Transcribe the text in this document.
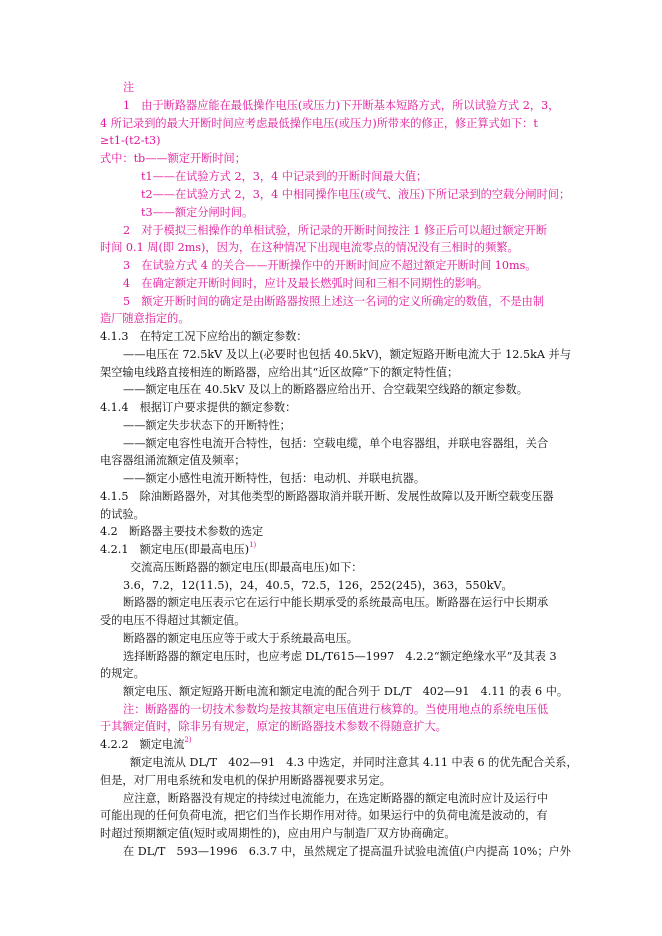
注
1　由于断路器应能在最低操作电压(或压力)下开断基本短路方式，所以试验方式 2，3，
4 所记录到的最大开断时间应考虑最低操作电压(或压力)所带来的修正，修正算式如下：t
≥t1-(t2-t3)
式中：tb——额定开断时间；
t1——在试验方式 2，3，4 中记录到的开断时间最大值；
t2——在试验方式 2，3，4 中相同操作电压(或气、液压)下所记录到的空载分闸时间；
t3——额定分闸时间。
2　对于模拟三相操作的单相试验，所记录的开断时间按注 1 修正后可以超过额定开断
时间 0.1 周(即 2ms)，因为，在这种情况下出现电流零点的情况没有三相时的频繁。
3　在试验方式 4 的关合——开断操作中的开断时间应不超过额定开断时间 10ms。
4　在确定额定开断时间时，应计及最长燃弧时间和三相不同期性的影响。
5　额定开断时间的确定是由断路器按照上述这一名词的定义所确定的数值，不是由制
造厂随意指定的。
4.1.3　在特定工况下应给出的额定参数：
——电压在 72.5kV 及以上(必要时也包括 40.5kV)，额定短路开断电流大于 12.5kA 并与
架空输电线路直接相连的断路器，应给出其“近区故障”下的额定特性值；
——额定电压在 40.5kV 及以上的断路器应给出开、合空载架空线路的额定参数。
4.1.4　根据订户要求提供的额定参数：
——额定失步状态下的开断特性；
——额定电容性电流开合特性，包括：空载电缆，单个电容器组，并联电容器组，关合
电容器组涌流额定值及频率；
——额定小感性电流开断特性，包括：电动机、并联电抗器。
4.1.5　除油断路器外，对其他类型的断路器取消并联开断、发展性故障以及开断空载变压器
的试验。
4.2　断路器主要技术参数的选定
4.2.1　额定电压(即最高电压)$^{1)}$
交流高压断路器的额定电压(即最高电压)如下：
3.6，7.2，12(11.5)，24，40.5，72.5，126，252(245)，363，550kV。
断路器的额定电压表示它在运行中能长期承受的系统最高电压。断路器在运行中长期承
受的电压不得超过其额定值。
断路器的额定电压应等于或大于系统最高电压。
选择断路器的额定电压时，也应考虑 DL/T615—1997　4.2.2“额定绝缘水平”及其表 3
的规定。
额定电压、额定短路开断电流和额定电流的配合列于 DL/T　402—91　4.11 的表 6 中。
注：断路器的一切技术参数均是按其额定电压值进行核算的。当使用地点的系统电压低
于其额定值时，除非另有规定，原定的断路器技术参数不得随意扩大。
4.2.2　额定电流$^{2)}$
额定电流从 DL/T　402—91　4.3 中选定，并同时注意其 4.11 中表 6 的优先配合关系，
但是，对厂用电系统和发电机的保护用断路器视要求另定。
应注意，断路器没有规定的持续过电流能力，在选定断路器的额定电流时应计及运行中
可能出现的任何负荷电流，把它们当作长期作用对待。如果运行中的负荷电流是波动的，有
时超过预期额定值(短时或周期性的)，应由用户与制造厂双方协商确定。
在 DL/T　593—1996　6.3.7 中，虽然规定了提高温升试验电流值(户内提高 10%；户外
